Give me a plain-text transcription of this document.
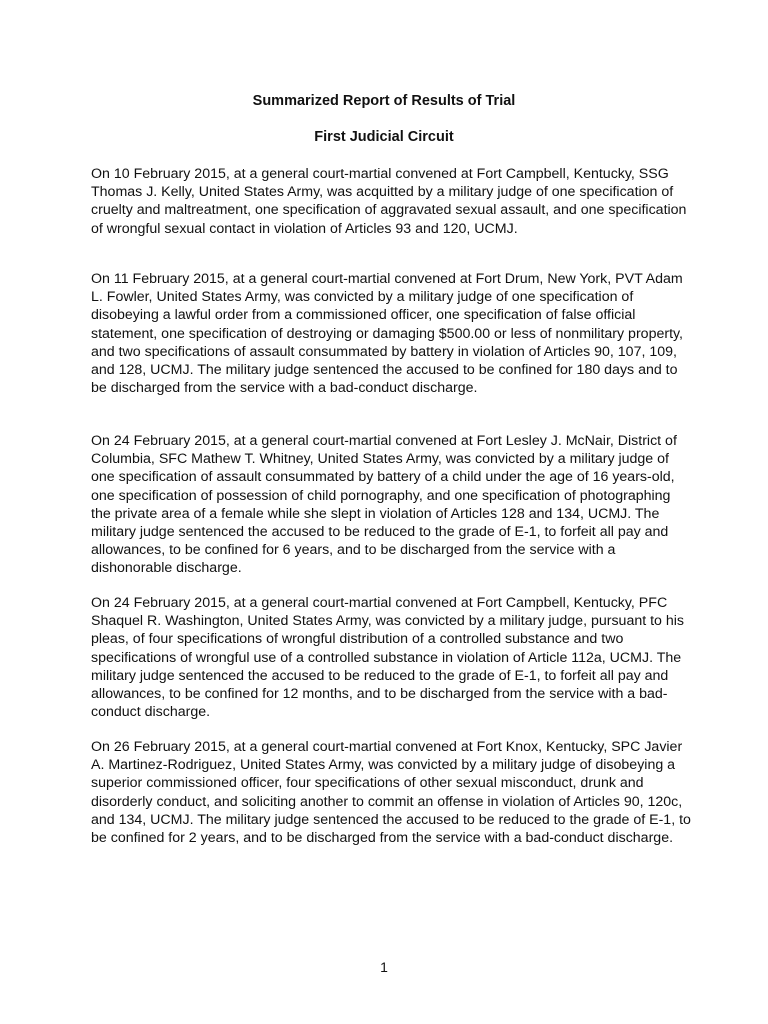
Summarized Report of Results of Trial

First Judicial Circuit

On 10 February 2015, at a general court-martial convened at Fort Campbell, Kentucky, SSG Thomas J. Kelly, United States Army, was acquitted by a military judge of one specification of cruelty and maltreatment, one specification of aggravated sexual assault, and one specification of wrongful sexual contact in violation of Articles 93 and 120, UCMJ.

On 11 February 2015, at a general court-martial convened at Fort Drum, New York, PVT Adam L. Fowler, United States Army, was convicted by a military judge of one specification of disobeying a lawful order from a commissioned officer, one specification of false official statement, one specification of destroying or damaging $500.00 or less of nonmilitary property, and two specifications of assault consummated by battery in violation of Articles 90, 107, 109, and 128, UCMJ. The military judge sentenced the accused to be confined for 180 days and to be discharged from the service with a bad-conduct discharge.

On 24 February 2015, at a general court-martial convened at Fort Lesley J. McNair, District of Columbia, SFC Mathew T. Whitney, United States Army, was convicted by a military judge of one specification of assault consummated by battery of a child under the age of 16 years-old, one specification of possession of child pornography, and one specification of photographing the private area of a female while she slept in violation of Articles 128 and 134, UCMJ. The military judge sentenced the accused to be reduced to the grade of E-1, to forfeit all pay and allowances, to be confined for 6 years, and to be discharged from the service with a dishonorable discharge.

On 24 February 2015, at a general court-martial convened at Fort Campbell, Kentucky, PFC Shaquel R. Washington, United States Army, was convicted by a military judge, pursuant to his pleas, of four specifications of wrongful distribution of a controlled substance and two specifications of wrongful use of a controlled substance in violation of Article 112a, UCMJ. The military judge sentenced the accused to be reduced to the grade of E-1, to forfeit all pay and allowances, to be confined for 12 months, and to be discharged from the service with a bad-conduct discharge.

On 26 February 2015, at a general court-martial convened at Fort Knox, Kentucky, SPC Javier A. Martinez-Rodriguez, United States Army, was convicted by a military judge of disobeying a superior commissioned officer, four specifications of other sexual misconduct, drunk and disorderly conduct, and soliciting another to commit an offense in violation of Articles 90, 120c, and 134, UCMJ. The military judge sentenced the accused to be reduced to the grade of E-1, to be confined for 2 years, and to be discharged from the service with a bad-conduct discharge.

1
